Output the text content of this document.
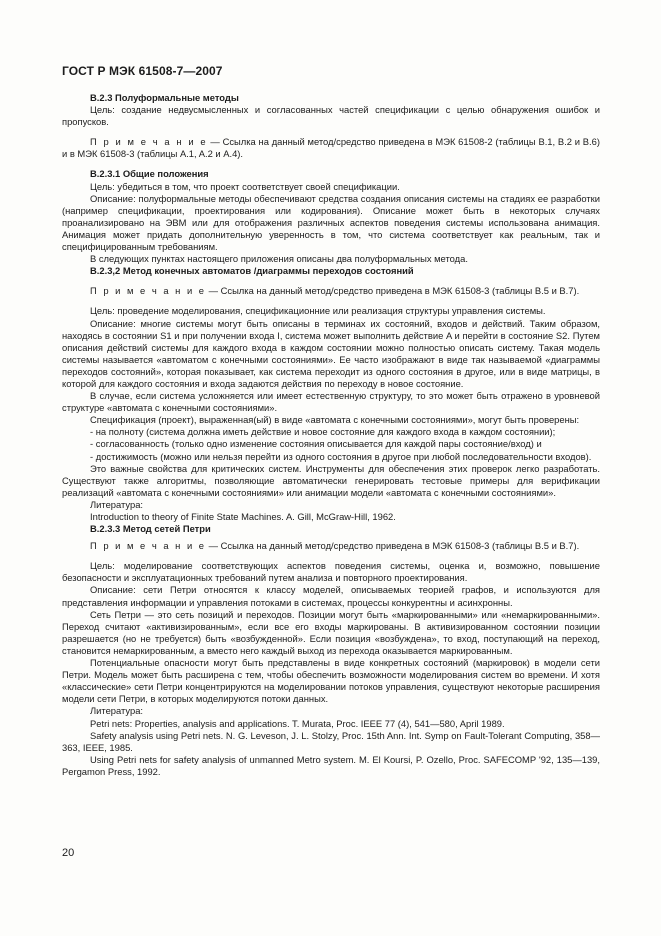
ГОСТ Р МЭК 61508-7—2007

B.2.3 Полуформальные методы

Цель: создание недвусмысленных и согласованных частей спецификации с целью обнаружения ошибок и пропусков.

П р и м е ч а н и е — Ссылка на данный метод/средство приведена в МЭК 61508-2 (таблицы B.1, B.2 и B.6) и в МЭК 61508-3 (таблицы A.1, A.2 и A.4).

B.2.3.1 Общие положения

Цель: убедиться в том, что проект соответствует своей спецификации.

Описание: полуформальные методы обеспечивают средства создания описания системы на стадиях ее разработки (например спецификации, проектирования или кодирования). Описание может быть в некоторых случаях проанализировано на ЭВМ или для отображения различных аспектов поведения системы использована анимация. Анимация может придать дополнительную уверенность в том, что система соответствует как реальным, так и специфицированным требованиям.

В следующих пунктах настоящего приложения описаны два полуформальных метода.

B.2.3,2 Метод конечных автоматов /диаграммы переходов состояний

П р и м е ч а н и е — Ссылка на данный метод/средство приведена в МЭК 61508-3 (таблицы B.5 и B.7).

Цель: проведение моделирования, спецификационние или реализация структуры управления системы.

Описание: многие системы могут быть описаны в терминах их состояний, входов и действий. Таким образом, находясь в состоянии S1 и при получении входа I, система может выполнить действие A и перейти в состояние S2. Путем описания действий системы для каждого входа в каждом состоянии можно полностью описать систему. Такая модель системы называется «автоматом с конечными состояниями». Ее часто изображают в виде так называемой «диаграммы переходов состояний», которая показывает, как система переходит из одного состояния в другое, или в виде матрицы, в которой для каждого состояния и входа задаются действия по переходу в новое состояние.

В случае, если система усложняется или имеет естественную структуру, то это может быть отражено в уровневой структуре «автомата с конечными состояниями».

Спецификация (проект), выраженная(ый) в виде «автомата с конечными состояниями», могут быть проверены:

- на полноту (система должна иметь действие и новое состояние для каждого входа в каждом состоянии);

- согласованность (только одно изменение состояния описывается для каждой пары состояние/вход) и

- достижимость (можно или нельзя перейти из одного состояния в другое при любой последовательности входов).

Это важные свойства для критических систем. Инструменты для обеспечения этих проверок легко разработать. Существуют также алгоритмы, позволяющие автоматически генерировать тестовые примеры для верификации реализаций «автомата с конечными состояниями» или анимации модели «автомата с конечными состояниями».

Литература:

Introduction to theory of Finite State Machines. A. Gill, McGraw-Hill, 1962.

B.2.3.3 Метод сетей Петри

П р и м е ч а н и е — Ссылка на данный метод/средство приведена в МЭК 61508-3 (таблицы B.5 и B.7).

Цель: моделирование соответствующих аспектов поведения системы, оценка и, возможно, повышение безопасности и эксплуатационных требований путем анализа и повторного проектирования.

Описание: сети Петри относятся к классу моделей, описываемых теорией графов, и используются для представления информации и управления потоками в системах, процессы конкурентны и асинхронны.

Сеть Петри — это сеть позиций и переходов. Позиции могут быть «маркированными» или «немаркированными». Переход считают «активизированным», если все его входы маркированы. В активизированном состоянии позиции разрешается (но не требуется) быть «возбужденной». Если позиция «возбуждена», то вход, поступающий на переход, становится немаркированным, а вместо него каждый выход из перехода оказывается маркированным.

Потенциальные опасности могут быть представлены в виде конкретных состояний (маркировок) в модели сети Петри. Модель может быть расширена с тем, чтобы обеспечить возможности моделирования систем во времени. И хотя «классические» сети Петри концентрируются на моделировании потоков управления, существуют некоторые расширения модели сети Петри, в которых моделируются потоки данных.

Литература:

Petri nets: Properties, analysis and applications. T. Murata, Proc. IEEE 77 (4), 541—580, April 1989.

Safety analysis using Petri nets. N. G. Leveson, J. L. Stolzy, Proc. 15th Ann. Int. Symp on Fault-Tolerant Computing, 358—363, IEEE, 1985.

Using Petri nets for safety analysis of unmanned Metro system. M. El Koursi, P. Ozello, Proc. SAFECOMP '92, 135—139, Pergamon Press, 1992.

20
